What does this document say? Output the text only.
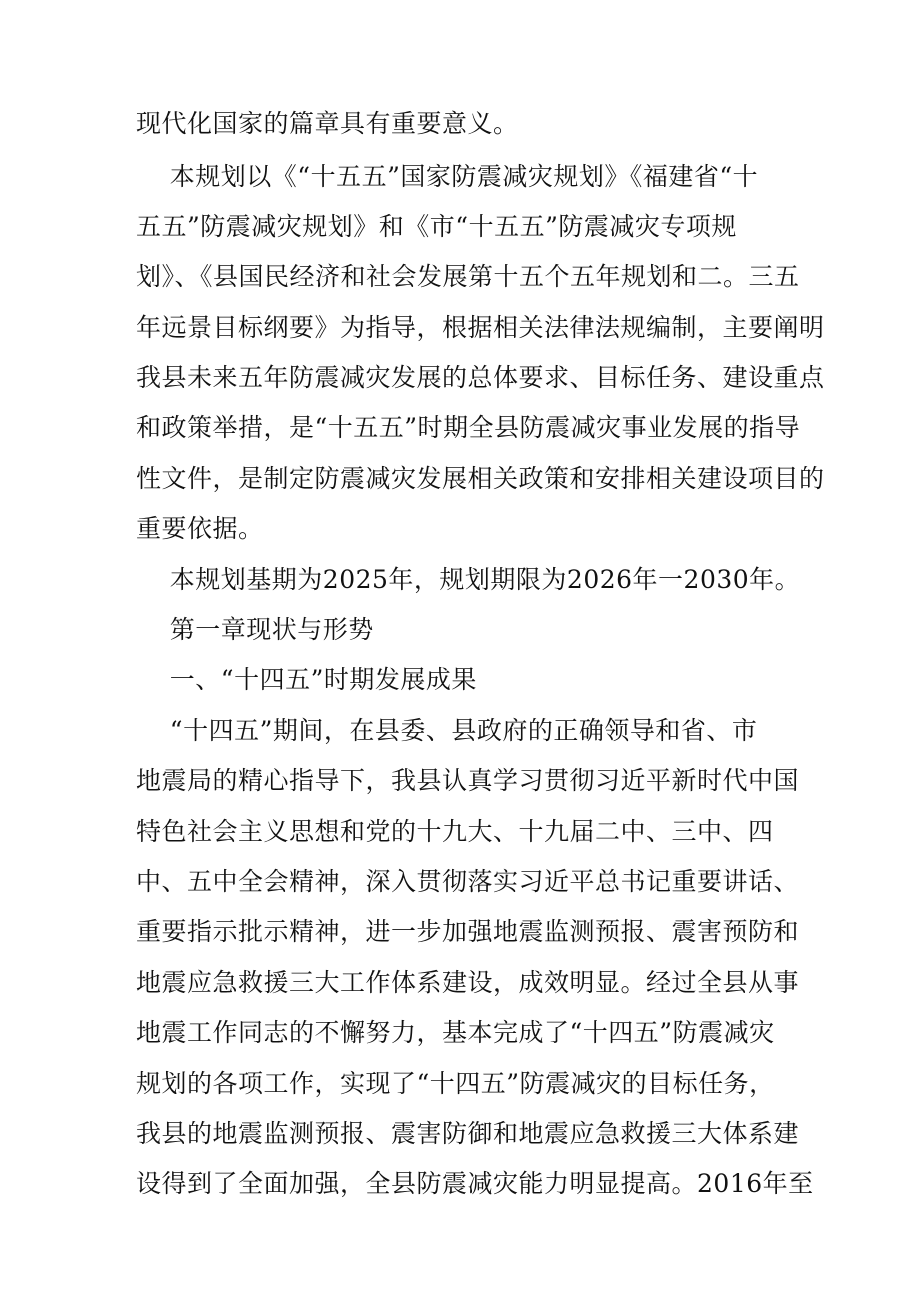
现代化国家的篇章具有重要意义。
本规划以《“十五五”国家防震减灾规划》《福建省“十
五五”防震减灾规划》和《市“十五五”防震减灾专项规
划》、《县国民经济和社会发展第十五个五年规划和二。三五
年远景目标纲要》为指导，根据相关法律法规编制，主要阐明
我县未来五年防震减灾发展的总体要求、目标任务、建设重点
和政策举措，是“十五五”时期全县防震减灾事业发展的指导
性文件，是制定防震减灾发展相关政策和安排相关建设项目的
重要依据。
本规划基期为2025年，规划期限为2026年一2030年。
第一章现状与形势
一、“十四五”时期发展成果
“十四五”期间，在县委、县政府的正确领导和省、市
地震局的精心指导下，我县认真学习贯彻习近平新时代中国
特色社会主义思想和党的十九大、十九届二中、三中、四
中、五中全会精神，深入贯彻落实习近平总书记重要讲话、
重要指示批示精神，进一步加强地震监测预报、震害预防和
地震应急救援三大工作体系建设，成效明显。经过全县从事
地震工作同志的不懈努力，基本完成了“十四五”防震减灾
规划的各项工作，实现了“十四五”防震减灾的目标任务，
我县的地震监测预报、震害防御和地震应急救援三大体系建
设得到了全面加强，全县防震减灾能力明显提高。2016年至
